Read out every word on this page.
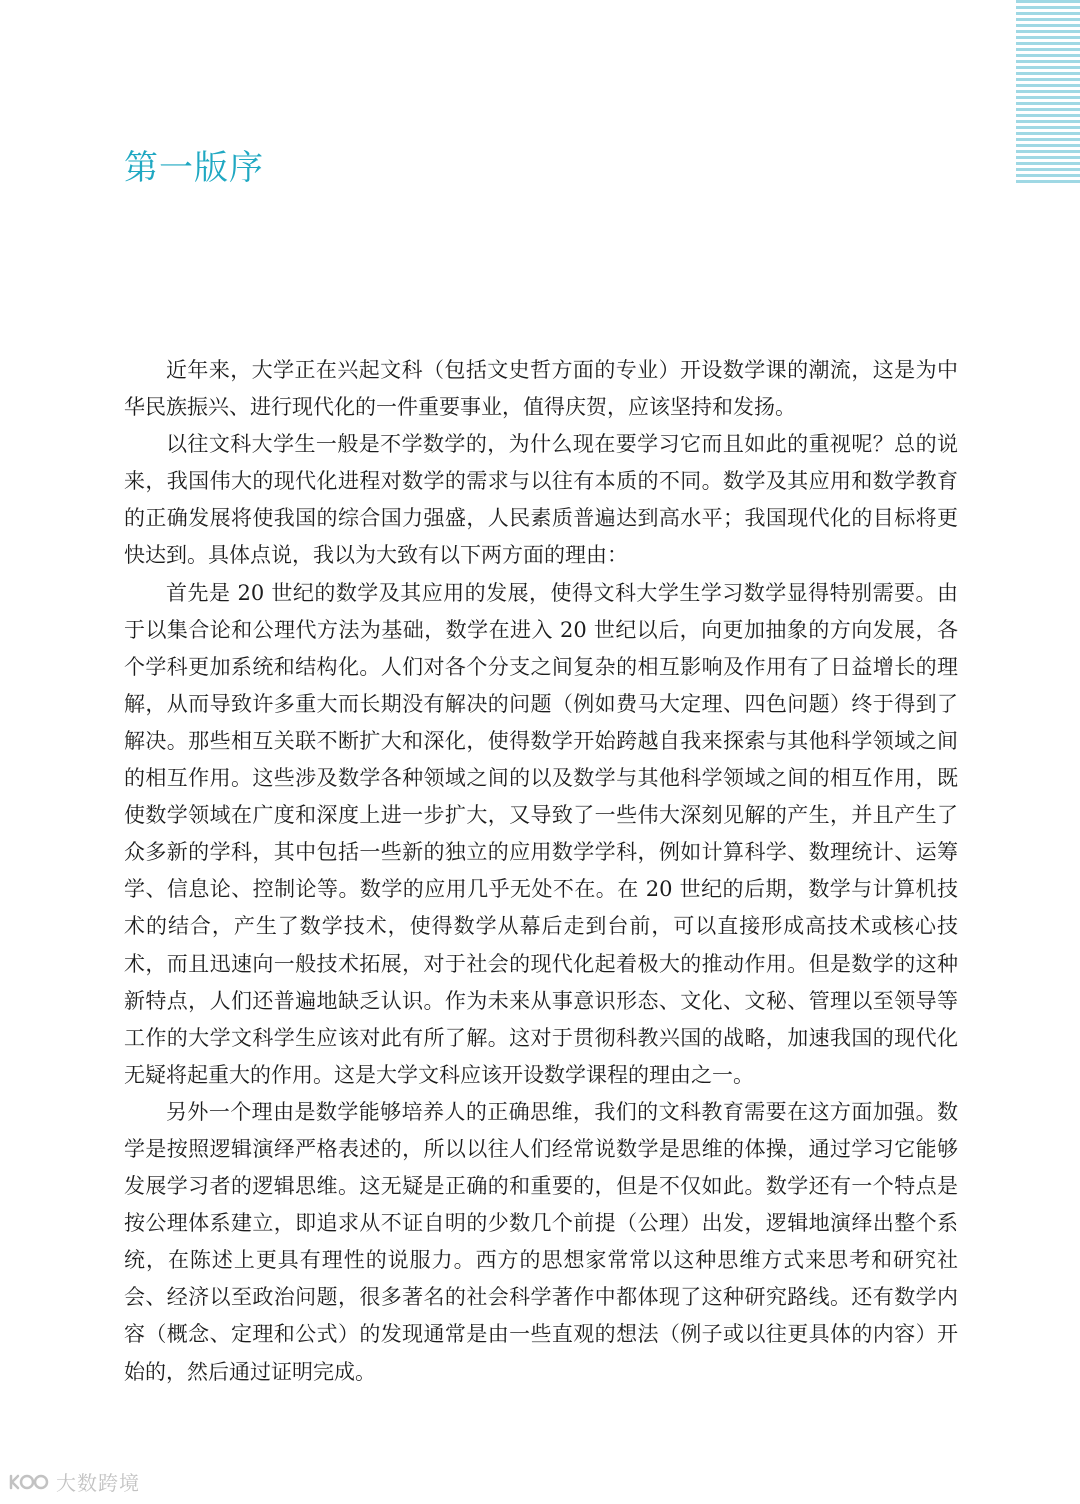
第一版序

近年来，大学正在兴起文科（包括文史哲方面的专业）开设数学课的潮流，这是为中华民族振兴、进行现代化的一件重要事业，值得庆贺，应该坚持和发扬。

以往文科大学生一般是不学数学的，为什么现在要学习它而且如此的重视呢？总的说来，我国伟大的现代化进程对数学的需求与以往有本质的不同。数学及其应用和数学教育的正确发展将使我国的综合国力强盛，人民素质普遍达到高水平；我国现代化的目标将更快达到。具体点说，我以为大致有以下两方面的理由：

首先是 20 世纪的数学及其应用的发展，使得文科大学生学习数学显得特别需要。由于以集合论和公理代方法为基础，数学在进入 20 世纪以后，向更加抽象的方向发展，各个学科更加系统和结构化。人们对各个分支之间复杂的相互影响及作用有了日益增长的理解，从而导致许多重大而长期没有解决的问题（例如费马大定理、四色问题）终于得到了解决。那些相互关联不断扩大和深化，使得数学开始跨越自我来探索与其他科学领域之间的相互作用。这些涉及数学各种领域之间的以及数学与其他科学领域之间的相互作用，既使数学领域在广度和深度上进一步扩大，又导致了一些伟大深刻见解的产生，并且产生了众多新的学科，其中包括一些新的独立的应用数学学科，例如计算科学、数理统计、运筹学、信息论、控制论等。数学的应用几乎无处不在。在 20 世纪的后期，数学与计算机技术的结合，产生了数学技术，使得数学从幕后走到台前，可以直接形成高技术或核心技术，而且迅速向一般技术拓展，对于社会的现代化起着极大的推动作用。但是数学的这种新特点，人们还普遍地缺乏认识。作为未来从事意识形态、文化、文秘、管理以至领导等工作的大学文科学生应该对此有所了解。这对于贯彻科教兴国的战略，加速我国的现代化无疑将起重大的作用。这是大学文科应该开设数学课程的理由之一。

另外一个理由是数学能够培养人的正确思维，我们的文科教育需要在这方面加强。数学是按照逻辑演绎严格表述的，所以以往人们经常说数学是思维的体操，通过学习它能够发展学习者的逻辑思维。这无疑是正确的和重要的，但是不仅如此。数学还有一个特点是按公理体系建立，即追求从不证自明的少数几个前提（公理）出发，逻辑地演绎出整个系统，在陈述上更具有理性的说服力。西方的思想家常常以这种思维方式来思考和研究社会、经济以至政治问题，很多著名的社会科学著作中都体现了这种研究路线。还有数学内容（概念、定理和公式）的发现通常是由一些直观的想法（例子或以往更具体的内容）开始的，然后通过证明完成。

大数跨境
